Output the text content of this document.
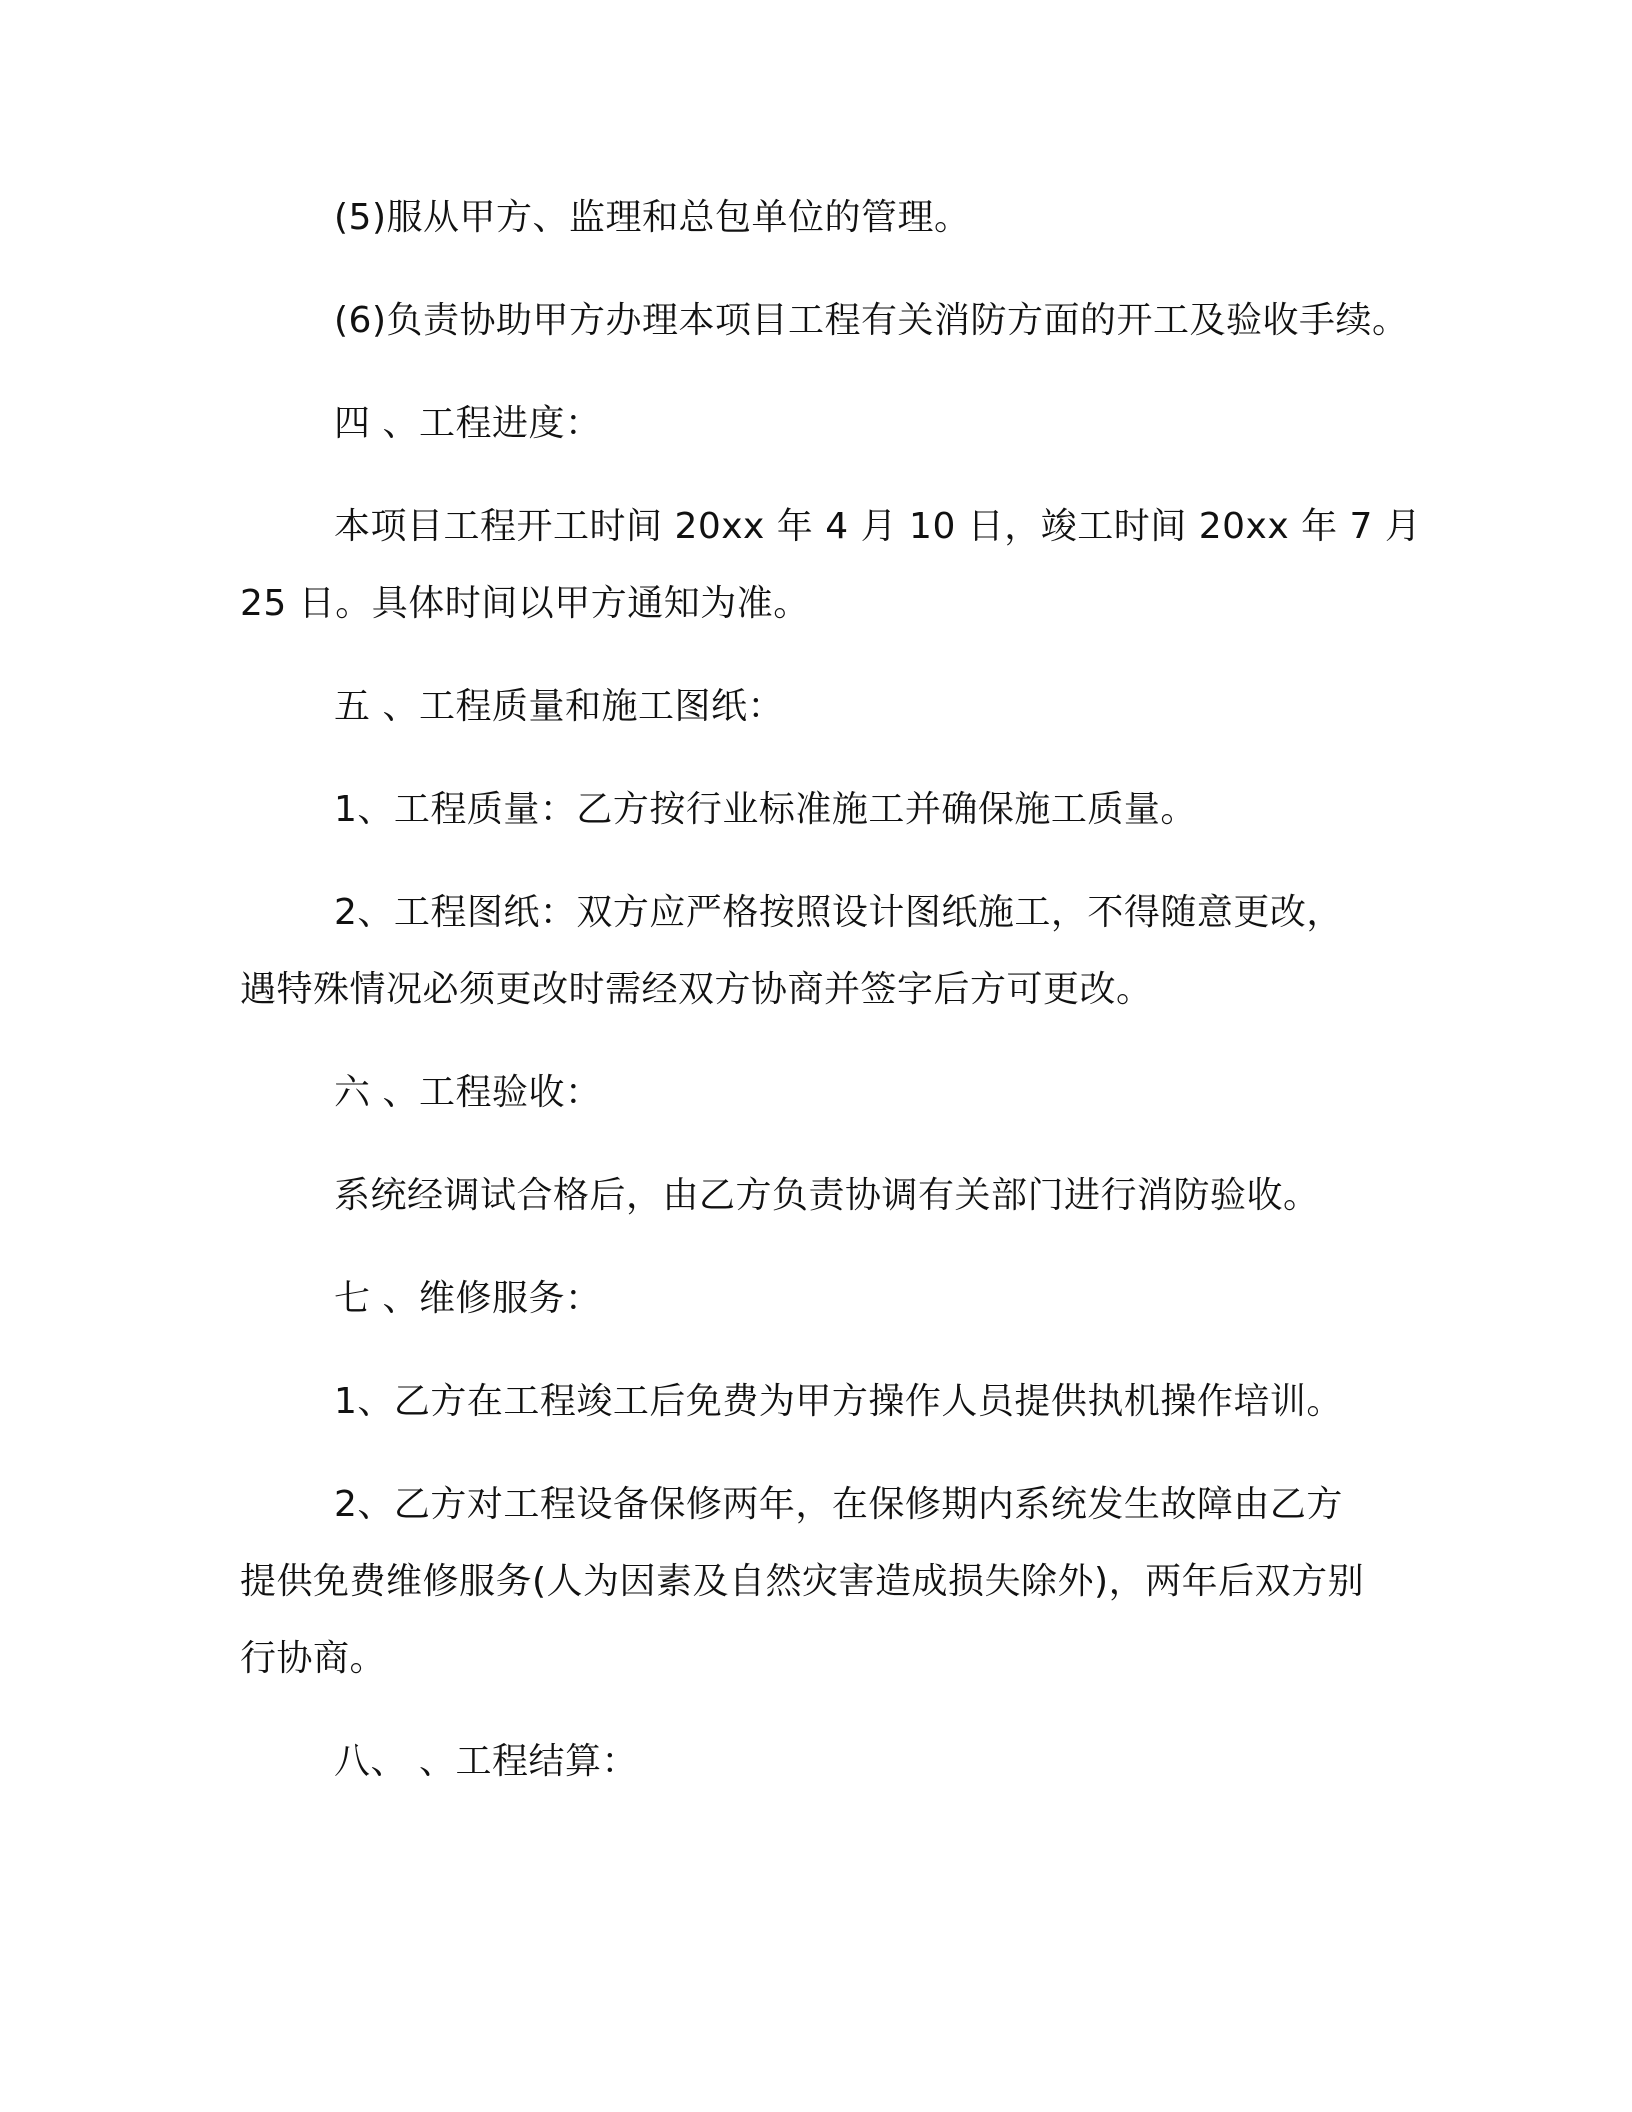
(5)服从甲方、监理和总包单位的管理。

(6)负责协助甲方办理本项目工程有关消防方面的开工及验收手续。

四 、工程进度：

本项目工程开工时间 20xx 年 4 月 10 日，竣工时间 20xx 年 7 月

25 日。具体时间以甲方通知为准。

五 、工程质量和施工图纸：

1、工程质量：乙方按行业标准施工并确保施工质量。

2、工程图纸：双方应严格按照设计图纸施工，不得随意更改，

遇特殊情况必须更改时需经双方协商并签字后方可更改。

六 、工程验收：

系统经调试合格后，由乙方负责协调有关部门进行消防验收。

七 、维修服务：

1、乙方在工程竣工后免费为甲方操作人员提供执机操作培训。

2、乙方对工程设备保修两年，在保修期内系统发生故障由乙方

提供免费维修服务(人为因素及自然灾害造成损失除外)，两年后双方别

行协商。

八、 、工程结算：
